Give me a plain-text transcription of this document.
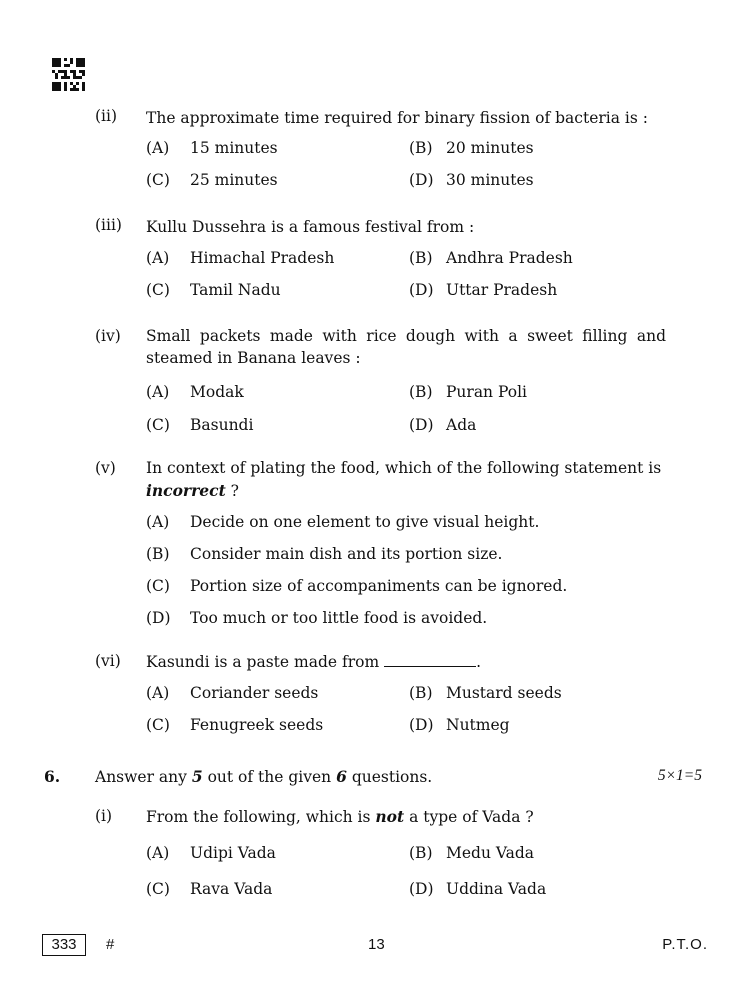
(ii) The approximate time required for binary fission of bacteria is :
(A) 15 minutes	(B) 20 minutes
(C) 25 minutes	(D) 30 minutes
(iii) Kullu Dussehra is a famous festival from :
(A) Himachal Pradesh	(B) Andhra Pradesh
(C) Tamil Nadu	(D) Uttar Pradesh
(iv) Small packets made with rice dough with a sweet filling and steamed in Banana leaves :
(A) Modak	(B) Puran Poli
(C) Basundi	(D) Ada
(v) In context of plating the food, which of the following statement is
incorrect ?
(A) Decide on one element to give visual height.
(B) Consider main dish and its portion size.
(C) Portion size of accompaniments can be ignored.
(D) Too much or too little food is avoided.
(vi) Kasundi is a paste made from	.
(A) Coriander seeds	(B) Mustard seeds
(C) Fenugreek seeds	(D) Nutmeg
6. Answer any 5 out of the given 6 questions.	5×1=5
(i) From the following, which is not a type of Vada ?
(A) Udipi Vada	(B) Medu Vada
(C) Rava Vada	(D) Uddina Vada
333	#	13	P.T.O.
